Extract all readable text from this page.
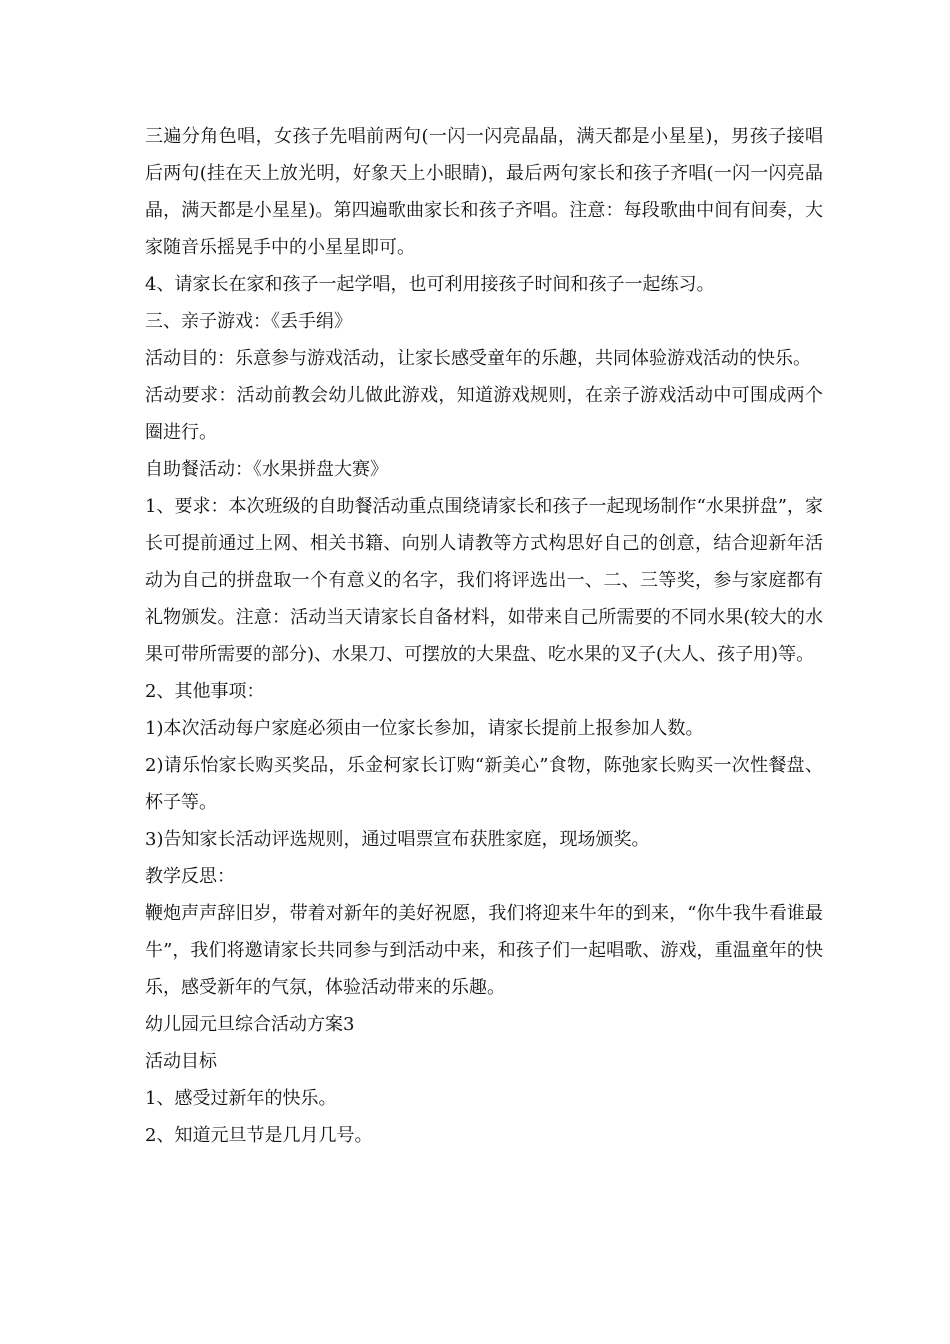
三遍分角色唱，女孩子先唱前两句(一闪一闪亮晶晶，满天都是小星星)，男孩子接唱后两句(挂在天上放光明，好象天上小眼睛)，最后两句家长和孩子齐唱(一闪一闪亮晶晶，满天都是小星星)。第四遍歌曲家长和孩子齐唱。注意：每段歌曲中间有间奏，大家随音乐摇晃手中的小星星即可。

4、请家长在家和孩子一起学唱，也可利用接孩子时间和孩子一起练习。

三、亲子游戏：《丢手绢》

活动目的：乐意参与游戏活动，让家长感受童年的乐趣，共同体验游戏活动的快乐。

活动要求：活动前教会幼儿做此游戏，知道游戏规则，在亲子游戏活动中可围成两个圈进行。

自助餐活动：《水果拼盘大赛》

1、要求：本次班级的自助餐活动重点围绕请家长和孩子一起现场制作“水果拼盘”，家长可提前通过上网、相关书籍、向别人请教等方式构思好自己的创意，结合迎新年活动为自己的拼盘取一个有意义的名字，我们将评选出一、二、三等奖，参与家庭都有礼物颁发。注意：活动当天请家长自备材料，如带来自己所需要的不同水果(较大的水果可带所需要的部分)、水果刀、可摆放的大果盘、吃水果的叉子(大人、孩子用)等。

2、其他事项：

1)本次活动每户家庭必须由一位家长参加，请家长提前上报参加人数。

2)请乐怡家长购买奖品，乐金柯家长订购“新美心”食物，陈弛家长购买一次性餐盘、杯子等。

3)告知家长活动评选规则，通过唱票宣布获胜家庭，现场颁奖。

教学反思：

鞭炮声声辞旧岁，带着对新年的美好祝愿，我们将迎来牛年的到来，“你牛我牛看谁最牛”，我们将邀请家长共同参与到活动中来，和孩子们一起唱歌、游戏，重温童年的快乐，感受新年的气氛，体验活动带来的乐趣。

幼儿园元旦综合活动方案3

活动目标

1、感受过新年的快乐。

2、知道元旦节是几月几号。
